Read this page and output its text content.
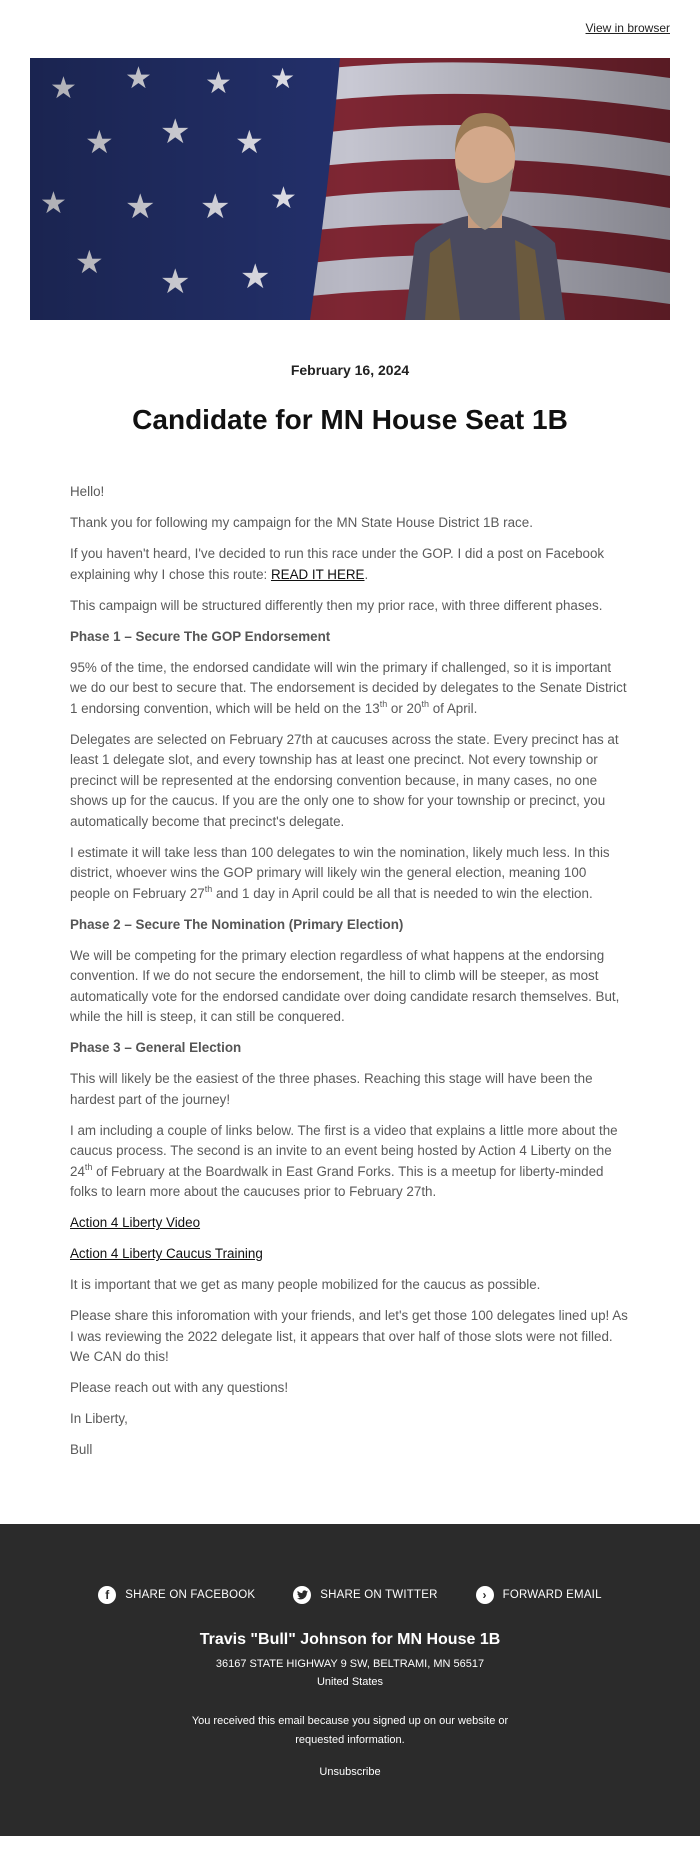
View in browser
February 16, 2024
Candidate for MN House Seat 1B

Hello!

Thank you for following my campaign for the MN State House District 1B race.

If you haven't heard, I've decided to run this race under the GOP. I did a post on Facebook explaining why I chose this route: READ IT HERE.

This campaign will be structured differently then my prior race, with three different phases.

Phase 1 – Secure The GOP Endorsement

95% of the time, the endorsed candidate will win the primary if challenged, so it is important we do our best to secure that. The endorsement is decided by delegates to the Senate District 1 endorsing convention, which will be held on the 13th or 20th of April.

Delegates are selected on February 27th at caucuses across the state. Every precinct has at least 1 delegate slot, and every township has at least one precinct. Not every township or precinct will be represented at the endorsing convention because, in many cases, no one shows up for the caucus. If you are the only one to show for your township or precinct, you automatically become that precinct's delegate.

I estimate it will take less than 100 delegates to win the nomination, likely much less. In this district, whoever wins the GOP primary will likely win the general election, meaning 100 people on February 27th and 1 day in April could be all that is needed to win the election.

Phase 2 – Secure The Nomination (Primary Election)

We will be competing for the primary election regardless of what happens at the endorsing convention. If we do not secure the endorsement, the hill to climb will be steeper, as most automatically vote for the endorsed candidate over doing candidate resarch themselves. But, while the hill is steep, it can still be conquered.

Phase 3 – General Election

This will likely be the easiest of the three phases. Reaching this stage will have been the hardest part of the journey!

I am including a couple of links below. The first is a video that explains a little more about the caucus process. The second is an invite to an event being hosted by Action 4 Liberty on the 24th of February at the Boardwalk in East Grand Forks. This is a meetup for liberty-minded folks to learn more about the caucuses prior to February 27th.

Action 4 Liberty Video

Action 4 Liberty Caucus Training

It is important that we get as many people mobilized for the caucus as possible.

Please share this inforomation with your friends, and let's get those 100 delegates lined up! As I was reviewing the 2022 delegate list, it appears that over half of those slots were not filled. We CAN do this!

Please reach out with any questions!

In Liberty,

Bull

f	SHARE ON FACEBOOK	SHARE ON TWITTER	›	FORWARD EMAIL
Travis "Bull" Johnson for MN House 1B
36167 STATE HIGHWAY 9 SW, BELTRAMI, MN 56517
United States
You received this email because you signed up on our website or requested information.
Unsubscribe
